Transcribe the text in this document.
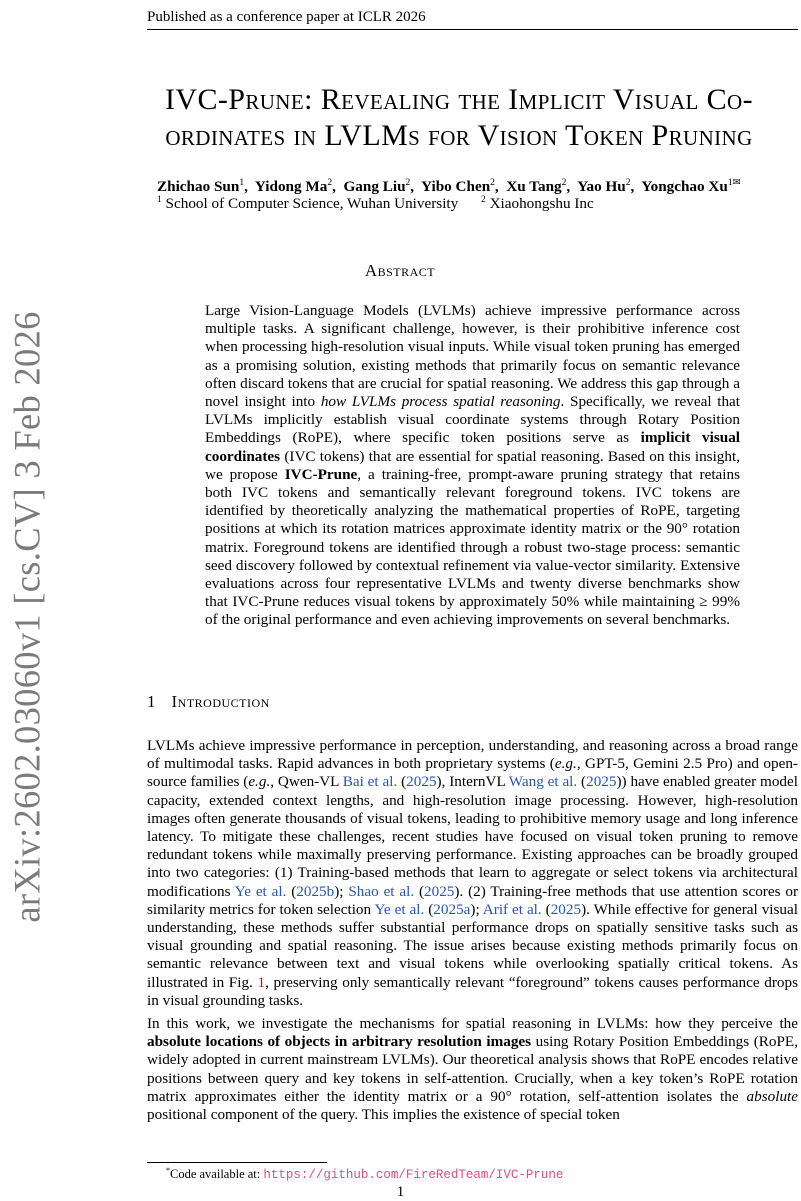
Published as a conference paper at ICLR 2026
arXiv:2602.03060v1 [cs.CV] 3 Feb 2026
IVC-Prune: Revealing the Implicit Visual Co-
ordinates in LVLMs for Vision Token Pruning
Zhichao Sun$^1$,  Yidong Ma$^2$,  Gang Liu$^2$,  Yibo Chen$^2$,  Xu Tang$^2$,  Yao Hu$^2$,  Yongchao $Xu^{1✉}$
$^1$ School of Computer Science, Wuhan University $^2$ Xiaohongshu Inc
Abstract
Large Vision-Language Models (LVLMs) achieve impressive performance across multiple tasks. A significant challenge, however, is their prohibitive inference cost when processing high-resolution visual inputs. While visual token pruning has emerged as a promising solution, existing methods that primarily focus on semantic relevance often discard tokens that are crucial for spatial reasoning. We address this gap through a novel insight into how LVLMs process spatial reasoning. Specifically, we reveal that LVLMs implicitly establish visual coordinate systems through Rotary Position Embeddings (RoPE), where specific token positions serve as implicit visual coordinates (IVC tokens) that are essential for spatial reasoning. Based on this insight, we propose IVC-Prune, a training-free, prompt-aware pruning strategy that retains both IVC tokens and semantically relevant foreground tokens. IVC tokens are identified by theoretically analyzing the mathematical properties of RoPE, targeting positions at which its rotation matrices approximate identity matrix or the 90° rotation matrix. Foreground tokens are identified through a robust two-stage process: semantic seed discovery followed by contextual refinement via value-vector similarity. Extensive evaluations across four representative LVLMs and twenty diverse benchmarks show that IVC-Prune reduces visual tokens by approximately 50% while maintaining ≥ 99% of the original performance and even achieving improvements on several benchmarks.
1 Introduction
LVLMs achieve impressive performance in perception, understanding, and reasoning across a broad range of multimodal tasks. Rapid advances in both proprietary systems (e.g., GPT-5, Gemini 2.5 Pro) and open-source families (e.g., Qwen-VL Bai et al. (2025), InternVL Wang et al. (2025)) have enabled greater model capacity, extended context lengths, and high-resolution image processing. However, high-resolution images often generate thousands of visual tokens, leading to prohibitive memory usage and long inference latency. To mitigate these challenges, recent studies have focused on visual token pruning to remove redundant tokens while maximally preserving performance. Existing approaches can be broadly grouped into two categories: (1) Training-based methods that learn to aggregate or select tokens via architectural modifications Ye et al. (2025b); Shao et al. (2025). (2) Training-free methods that use attention scores or similarity metrics for token selection Ye et al. (2025a); Arif et al. (2025). While effective for general visual understanding, these methods suffer substantial performance drops on spatially sensitive tasks such as visual grounding and spatial reasoning. The issue arises because existing methods primarily focus on semantic relevance between text and visual tokens while overlooking spatially critical tokens. As illustrated in Fig. 1, preserving only semantically relevant “foreground” tokens causes performance drops in visual grounding tasks.
In this work, we investigate the mechanisms for spatial reasoning in LVLMs: how they perceive the absolute locations of objects in arbitrary resolution images using Rotary Position Embeddings (RoPE, widely adopted in current mainstream LVLMs). Our theoretical analysis shows that RoPE encodes relative positions between query and key tokens in self-attention. Crucially, when a key token’s RoPE rotation matrix approximates either the identity matrix or a 90° rotation, self-attention isolates the absolute positional component of the query. This implies the existence of special token
*Code available at: https://github.com/FireRedTeam/IVC-Prune
1
